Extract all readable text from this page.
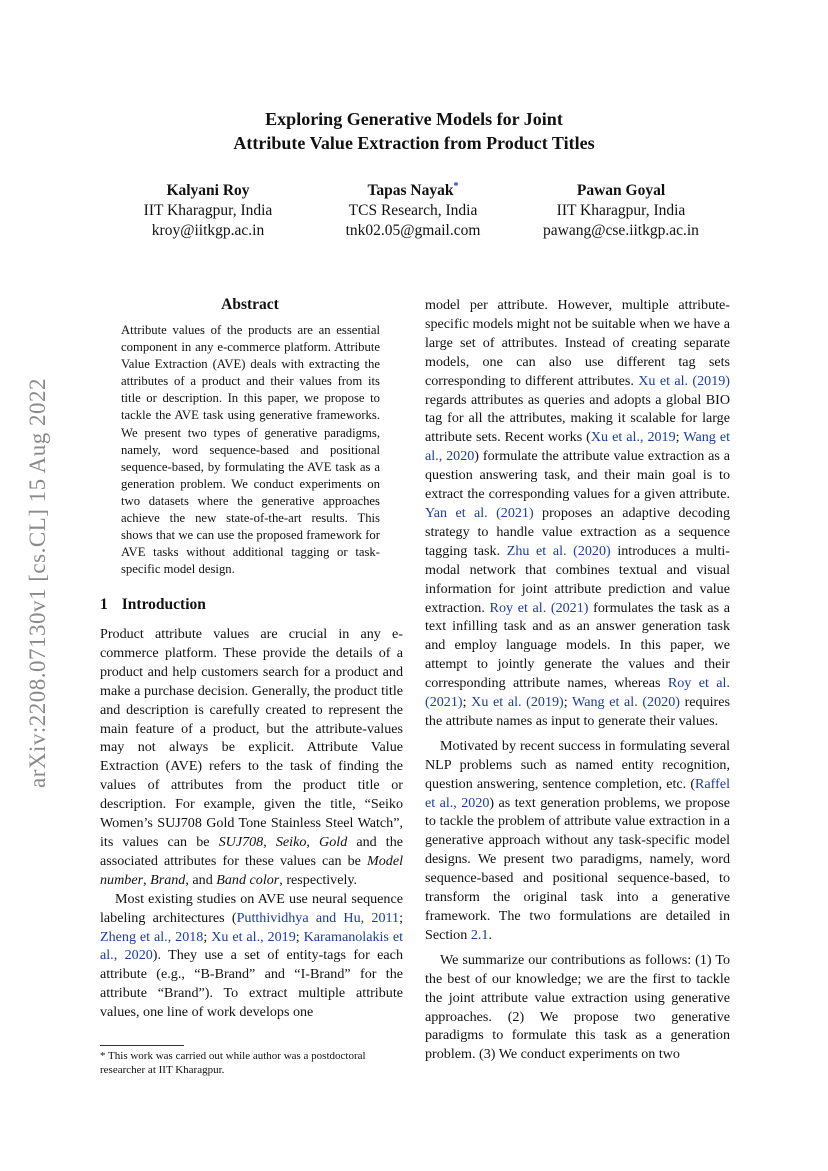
arXiv:2208.07130v1 [cs.CL] 15 Aug 2022
Exploring Generative Models for Joint
Attribute Value Extraction from Product Titles
Kalyani Roy
IIT Kharagpur, India
kroy@iitkgp.ac.in
Tapas Nayak*
TCS Research, India
tnk02.05@gmail.com
Pawan Goyal
IIT Kharagpur, India
pawang@cse.iitkgp.ac.in
Abstract
Attribute values of the products are an essential component in any e-commerce platform. Attribute Value Extraction (AVE) deals with extracting the attributes of a product and their values from its title or description. In this paper, we propose to tackle the AVE task using generative frameworks. We present two types of generative paradigms, namely, word sequence-based and positional sequence-based, by formulating the AVE task as a generation problem. We conduct experiments on two datasets where the generative approaches achieve the new state-of-the-art results. This shows that we can use the proposed framework for AVE tasks without additional tagging or task-specific model design.
1 Introduction

Product attribute values are crucial in any e-commerce platform. These provide the details of a product and help customers search for a product and make a purchase decision. Generally, the product title and description is carefully created to represent the main feature of a product, but the attribute-values may not always be explicit. Attribute Value Extraction (AVE) refers to the task of finding the values of attributes from the product title or description. For example, given the title, “Seiko Women’s SUJ708 Gold Tone Stainless Steel Watch”, its values can be SUJ708, Seiko, Gold and the associated attributes for these values can be Model number, Brand, and Band color, respectively.

Most existing studies on AVE use neural sequence labeling architectures (Putthividhya and Hu, 2011; Zheng et al., 2018; Xu et al., 2019; Karamanolakis et al., 2020). They use a set of entity-tags for each attribute (e.g., “B-Brand” and “I-Brand” for the attribute “Brand”). To extract multiple attribute values, one line of work develops one

* This work was carried out while author was a postdoctoral researcher at IIT Kharagpur.

model per attribute. However, multiple attribute-specific models might not be suitable when we have a large set of attributes. Instead of creating separate models, one can also use different tag sets corresponding to different attributes. Xu et al. (2019) regards attributes as queries and adopts a global BIO tag for all the attributes, making it scalable for large attribute sets. Recent works (Xu et al., 2019; Wang et al., 2020) formulate the attribute value extraction as a question answering task, and their main goal is to extract the corresponding values for a given attribute. Yan et al. (2021) proposes an adaptive decoding strategy to handle value extraction as a sequence tagging task. Zhu et al. (2020) introduces a multi-modal network that combines textual and visual information for joint attribute prediction and value extraction. Roy et al. (2021) formulates the task as a text infilling task and as an answer generation task and employ language models. In this paper, we attempt to jointly generate the values and their corresponding attribute names, whereas Roy et al. (2021); Xu et al. (2019); Wang et al. (2020) requires the attribute names as input to generate their values.

Motivated by recent success in formulating several NLP problems such as named entity recognition, question answering, sentence completion, etc. (Raffel et al., 2020) as text generation problems, we propose to tackle the problem of attribute value extraction in a generative approach without any task-specific model designs. We present two paradigms, namely, word sequence-based and positional sequence-based, to transform the original task into a generative framework. The two formulations are detailed in Section 2.1.

We summarize our contributions as follows: (1) To the best of our knowledge; we are the first to tackle the joint attribute value extraction using generative approaches. (2) We propose two generative paradigms to formulate this task as a generation problem. (3) We conduct experiments on two
